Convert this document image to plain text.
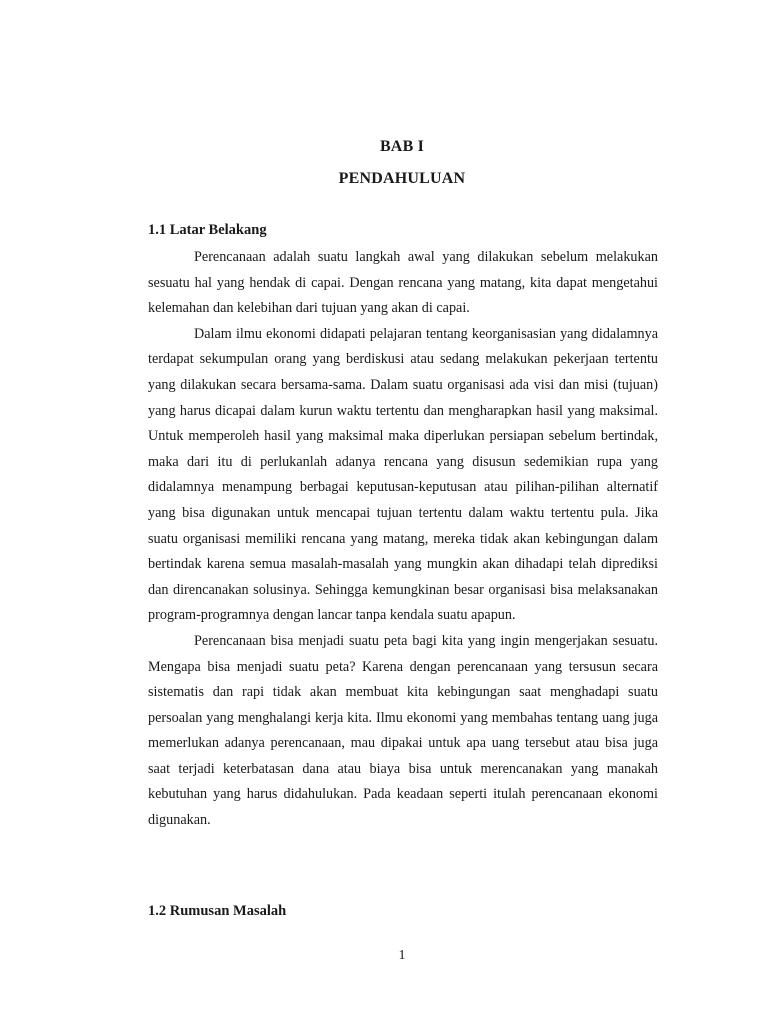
BAB I
PENDAHULUAN
1.1 Latar Belakang

Perencanaan adalah suatu langkah awal yang dilakukan sebelum melakukan sesuatu hal yang hendak di capai. Dengan rencana yang matang, kita dapat mengetahui kelemahan dan kelebihan dari tujuan yang akan di capai.

Dalam ilmu ekonomi didapati pelajaran tentang keorganisasian yang didalamnya terdapat sekumpulan orang yang berdiskusi atau sedang melakukan pekerjaan tertentu yang dilakukan secara bersama-sama. Dalam suatu organisasi ada visi dan misi (tujuan) yang harus dicapai dalam kurun waktu tertentu dan mengharapkan hasil yang maksimal. Untuk memperoleh hasil yang maksimal maka diperlukan persiapan sebelum bertindak, maka dari itu di perlukanlah adanya rencana yang disusun sedemikian rupa yang didalamnya menampung berbagai keputusan-keputusan atau pilihan-pilihan alternatif yang bisa digunakan untuk mencapai tujuan tertentu dalam waktu tertentu pula. Jika suatu organisasi memiliki rencana yang matang, mereka tidak akan kebingungan dalam bertindak karena semua masalah-masalah yang mungkin akan dihadapi telah diprediksi dan direncanakan solusinya. Sehingga kemungkinan besar organisasi bisa melaksanakan program-programnya dengan lancar tanpa kendala suatu apapun.

Perencanaan bisa menjadi suatu peta bagi kita yang ingin mengerjakan sesuatu. Mengapa bisa menjadi suatu peta? Karena dengan perencanaan yang tersusun secara sistematis dan rapi tidak akan membuat kita kebingungan saat menghadapi suatu persoalan yang menghalangi kerja kita. Ilmu ekonomi yang membahas tentang uang juga memerlukan adanya perencanaan, mau dipakai untuk apa uang tersebut atau bisa juga saat terjadi keterbatasan dana atau biaya bisa untuk merencanakan yang manakah kebutuhan yang harus didahulukan. Pada keadaan seperti itulah perencanaan ekonomi digunakan.

1.2 Rumusan Masalah
1
